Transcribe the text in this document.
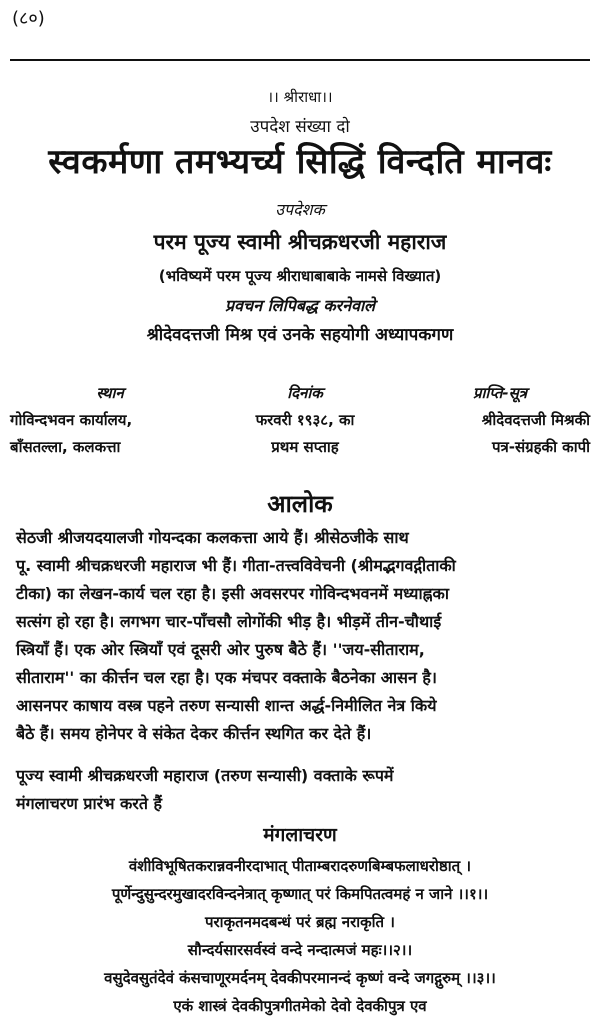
(८०)
।। श्रीराधा।।
उपदेश संख्या दो
स्वकर्मणा तमभ्यर्च्य सिद्धिं विन्दति मानवः
उपदेशक
परम पूज्य स्वामी श्रीचक्रधरजी महाराज
(भविष्यमें परम पूज्य श्रीराधाबाबाके नामसे विख्यात)
प्रवचन लिपिबद्ध करनेवाले
श्रीदेवदत्तजी मिश्र एवं उनके सहयोगी अध्यापकगण
स्थान
गोविन्दभवन कार्यालय,
बाँसतल्ला, कलकत्ता
दिनांक
फरवरी १९३८, का
प्रथम सप्ताह
प्राप्ति-सूत्र
श्रीदेवदत्तजी मिश्रकी
पत्र-संग्रहकी कापी
आलोक
सेठजी श्रीजयदयालजी गोयन्दका कलकत्ता आये हैं। श्रीसेठजीके साथ
पू. स्वामी श्रीचक्रधरजी महाराज भी हैं। गीता-तत्त्वविवेचनी (श्रीमद्भगवद्गीताकी
टीका) का लेखन-कार्य चल रहा है। इसी अवसरपर गोविन्दभवनमें मध्याह्नका
सत्संग हो रहा है। लगभग चार-पाँचसौ लोगोंकी भीड़ है। भीड़में तीन-चौथाई
स्त्रियाँ हैं। एक ओर स्त्रियाँ एवं दूसरी ओर पुरुष बैठे हैं। ''जय-सीताराम,
सीताराम'' का कीर्त्तन चल रहा है। एक मंचपर वक्ताके बैठनेका आसन है।
आसनपर काषाय वस्त्र पहने तरुण सन्यासी शान्त अर्द्ध-निमीलित नेत्र किये
बैठे हैं। समय होनेपर वे संकेत देकर कीर्त्तन स्थगित कर देते हैं।
पूज्य स्वामी श्रीचक्रधरजी महाराज (तरुण सन्यासी) वक्ताके रूपमें
मंगलाचरण प्रारंभ करते हैं
मंगलाचरण
वंशीविभूषितकरान्नवनीरदाभात् पीताम्बरादरुणबिम्बफलाधरोष्ठात् ।
पूर्णेन्दुसुन्दरमुखादरविन्दनेत्रात् कृष्णात् परं किमपितत्वमहं न जाने ।।१।।
पराकृतनमदबन्धं परं ब्रह्म नराकृति ।
सौन्दर्यसारसर्वस्वं वन्दे नन्दात्मजं महः।।२।।
वसुदेवसुतंदेवं कंसचाणूरमर्दनम् देवकीपरमानन्दं कृष्णं वन्दे जगद्गुरुम् ।।३।।
एकं शास्त्रं देवकीपुत्रगीतमेको देवो देवकीपुत्र एव
